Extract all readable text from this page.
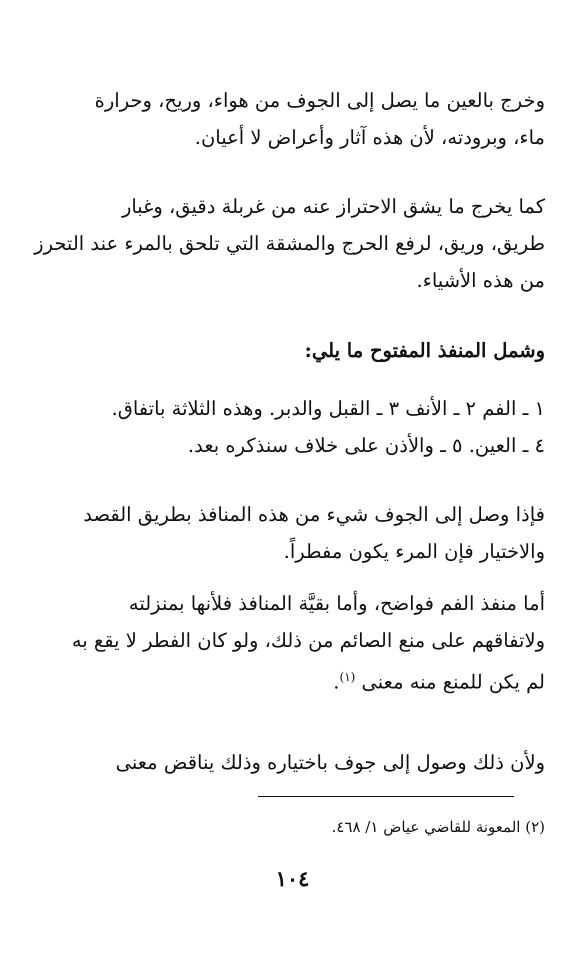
وخرج بالعين ما يصل إلى الجوف من هواء، وريح، وحرارة
ماء، وبرودته، لأن هذه آثار وأعراض لا أعيان.
كما يخرج ما يشق الاحتراز عنه من غربلة دقيق، وغبار
طريق، وريق، لرفع الحرج والمشقة التي تلحق بالمرء عند التحرز
من هذه الأشياء.
وشمل المنفذ المفتوح ما يلي:
١ ـ الفم ٢ ـ الأنف ٣ ـ القبل والدبر. وهذه الثلاثة باتفاق.
٤ ـ العين. ٥ ـ والأذن على خلاف سنذكره بعد.
فإذا وصل إلى الجوف شيء من هذه المنافذ بطريق القصد
والاختيار فإن المرء يكون مفطراً.
أما منفذ الفم فواضح، وأما بقيَّة المنافذ فلأنها بمنزلته
ولاتفاقهم على منع الصائم من ذلك، ولو كان الفطر لا يقع به
لم يكن للمنع منه معنى $^{(١)}$.
ولأن ذلك وصول إلى جوف باختياره وذلك يناقض معنى
(٢) المعونة للقاضي عياض ١/ ٤٦٨.
١٠٤
